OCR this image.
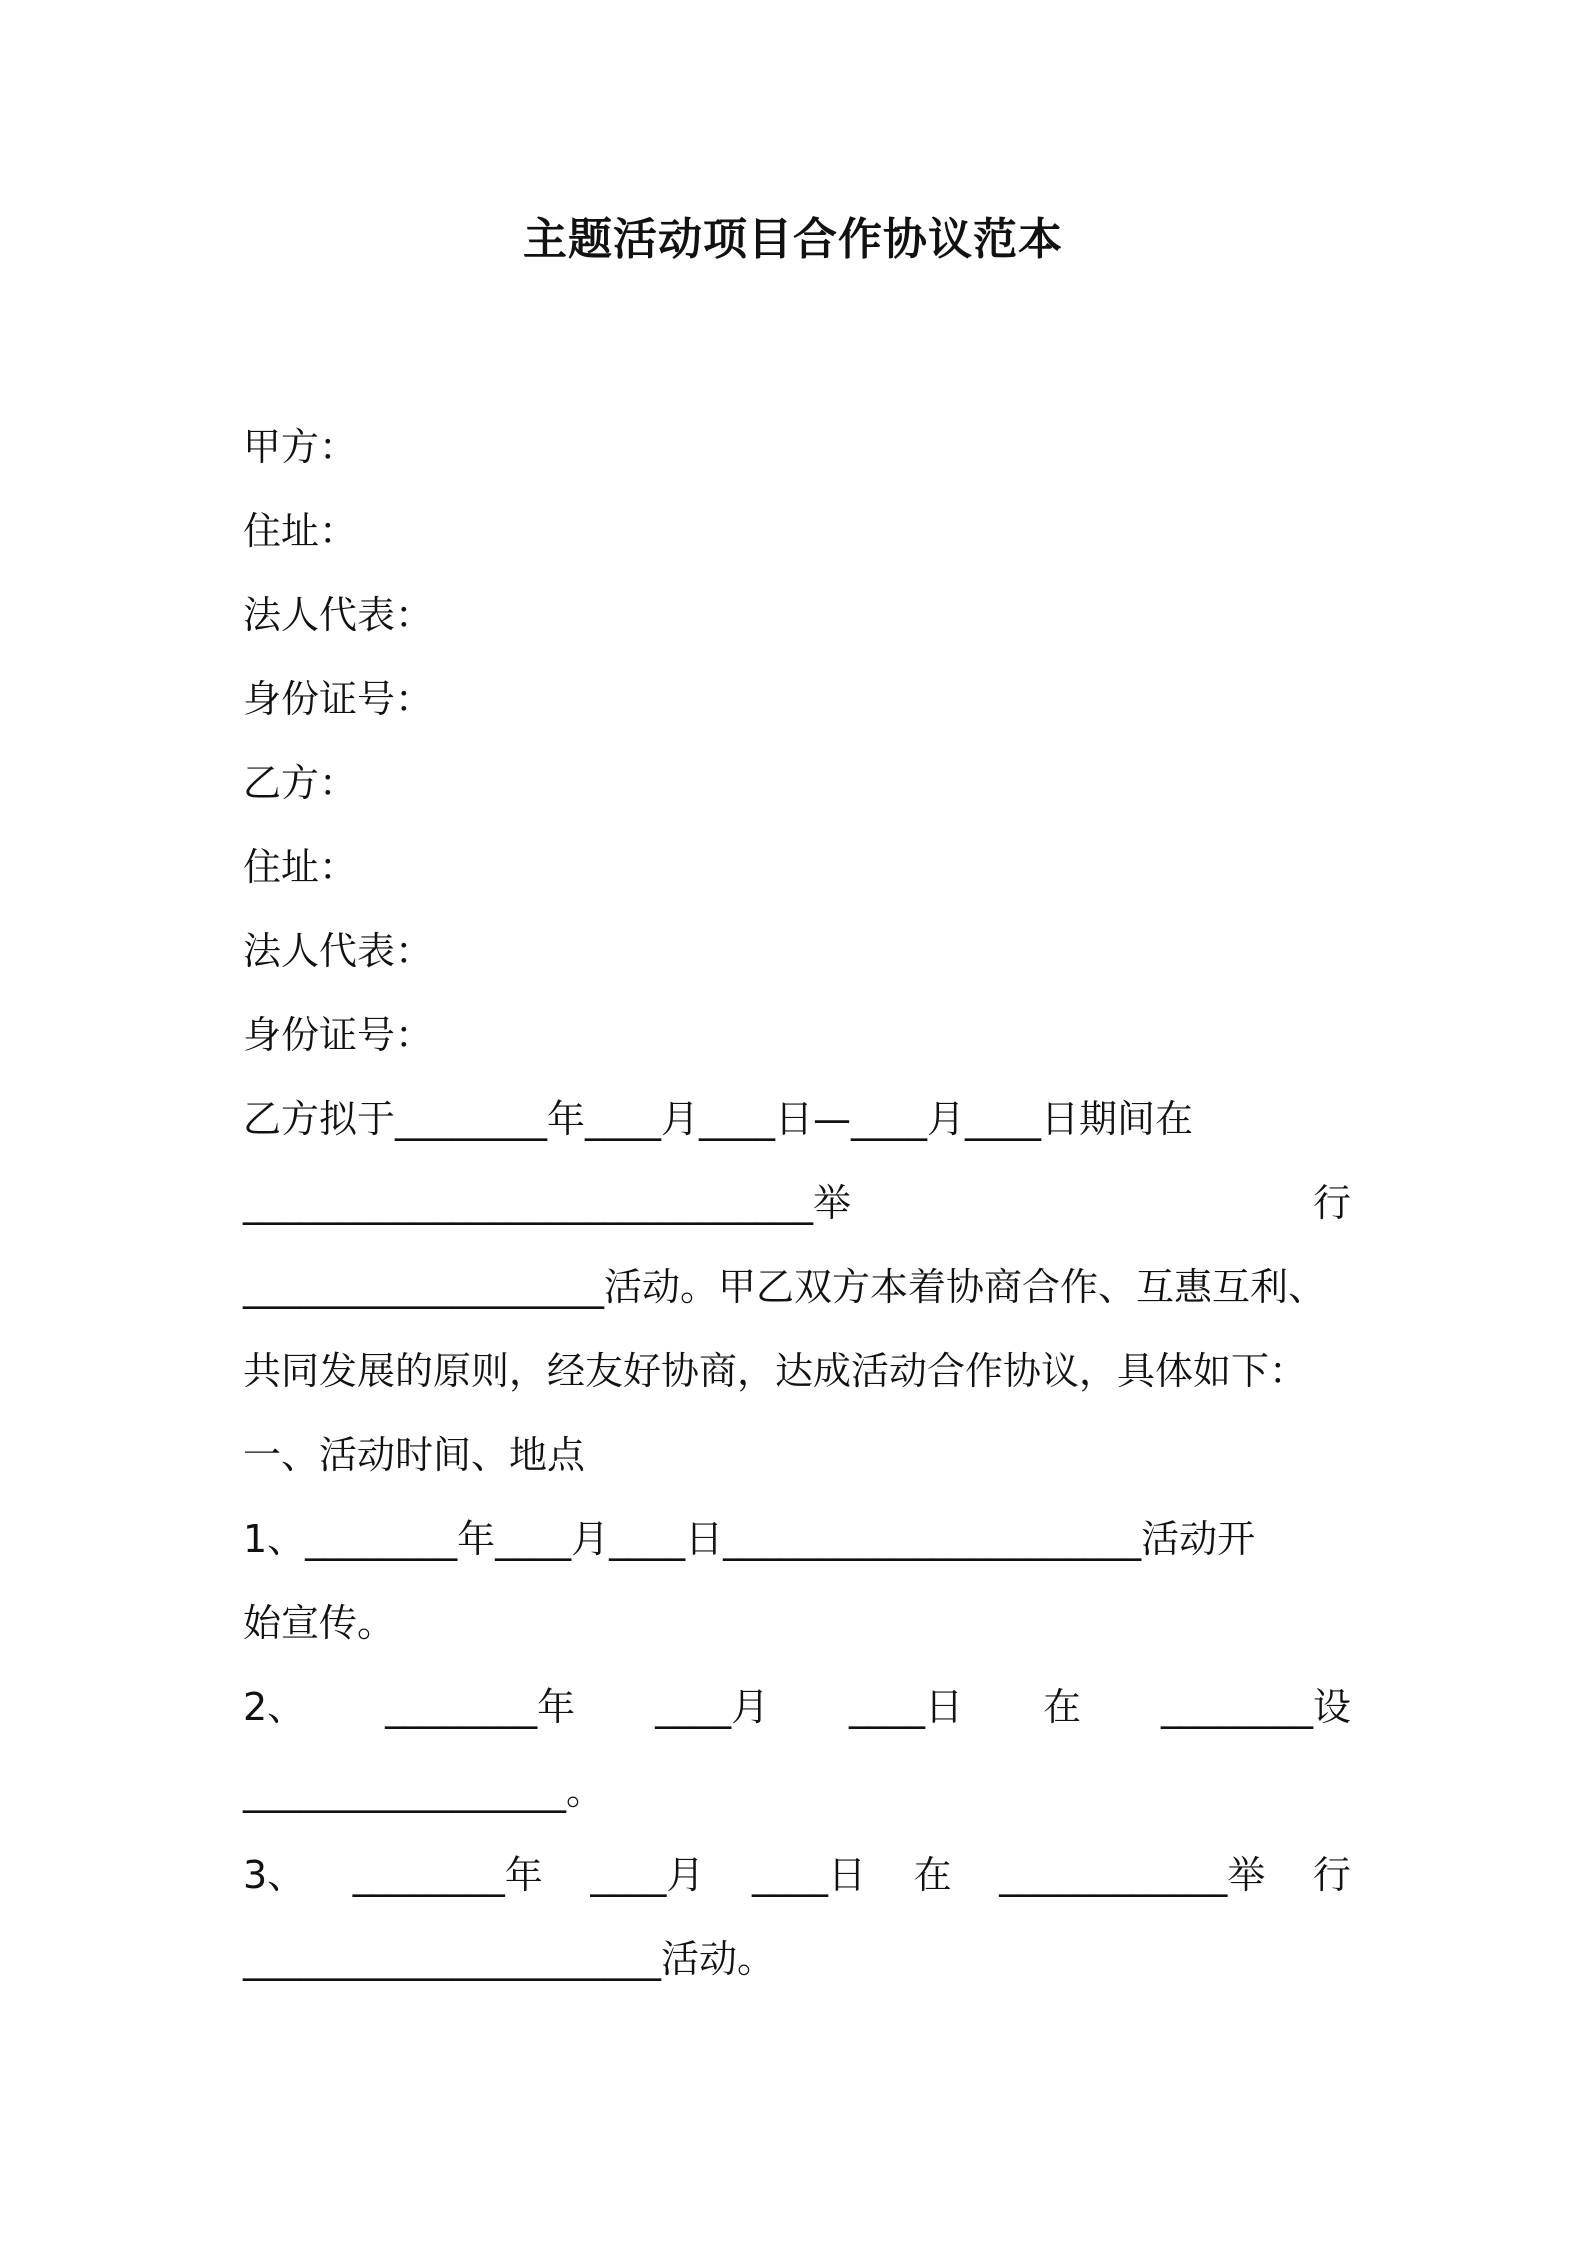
主题活动项目合作协议范本
甲方：
住址：
法人代表：
身份证号：
乙方：
住址：
法人代表：
身份证号：
乙方拟于________年____月____日—____月____日期间在
______________________________举	行
___________________活动。甲乙双方本着协商合作、互惠互利、
共同发展的原则，经友好协商，达成活动合作协议，具体如下：
一、活动时间、地点
1、________年____月____日______________________活动开
始宣传。
2、 ________年 ____月 ____日 在 ________设
_________________。
3、 ________年 ____月 ____日 在 ____________举 行
______________________活动。
